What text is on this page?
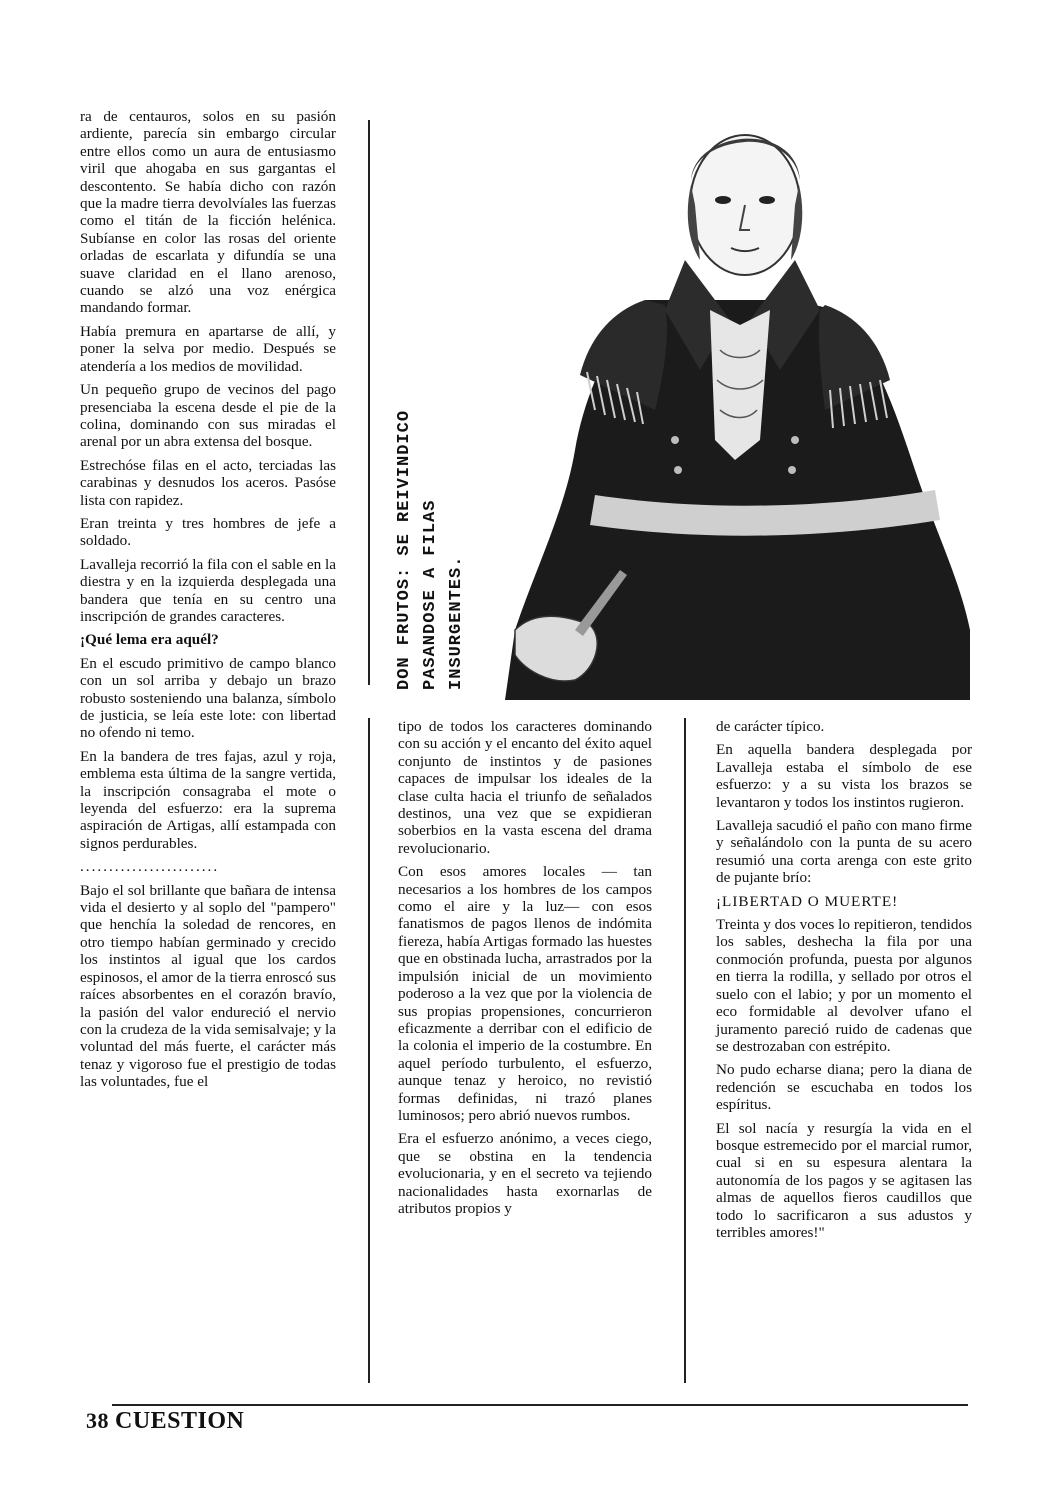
ra de centauros, solos en su pasión ardiente, parecía sin embargo circular entre ellos como un aura de entusiasmo viril que ahogaba en sus gargantas el descontento. Se había dicho con razón que la madre tierra devolvíales las fuerzas como el titán de la ficción helénica. Subíanse en color las rosas del oriente orladas de escarlata y difundía se una suave claridad en el llano arenoso, cuando se alzó una voz enérgica mandando formar.

Había premura en apartarse de allí, y poner la selva por medio. Después se atendería a los medios de movilidad.

Un pequeño grupo de vecinos del pago presenciaba la escena desde el pie de la colina, dominando con sus miradas el arenal por un abra extensa del bosque.

Estrechóse filas en el acto, terciadas las carabinas y desnudos los aceros. Pasóse lista con rapidez.

Eran treinta y tres hombres de jefe a soldado.

Lavalleja recorrió la fila con el sable en la diestra y en la izquierda desplegada una bandera que tenía en su centro una inscripción de grandes caracteres.

¡Qué lema era aquél?

En el escudo primitivo de campo blanco con un sol arriba y debajo un brazo robusto sosteniendo una balanza, símbolo de justicia, se leía este lote: con libertad no ofendo ni temo.

En la bandera de tres fajas, azul y roja, emblema esta última de la sangre vertida, la inscripción consagraba el mote o leyenda del esfuerzo: era la suprema aspiración de Artigas, allí estampada con signos perdurables.

........................

Bajo el sol brillante que bañara de intensa vida el desierto y al soplo del "pampero" que henchía la soledad de rencores, en otro tiempo habían germinado y crecido los instintos al igual que los cardos espinosos, el amor de la tierra enroscó sus raíces absorbentes en el corazón bravío, la pasión del valor endureció el nervio con la crudeza de la vida semisalvaje; y la voluntad del más fuerte, el carácter más tenaz y vigoroso fue el prestigio de todas las voluntades, fue el

DON FRUTOS: SE REIVINDICO PASANDOSE A FILAS INSURGENTES.

tipo de todos los caracteres dominando con su acción y el encanto del éxito aquel conjunto de instintos y de pasiones capaces de impulsar los ideales de la clase culta hacia el triunfo de señalados destinos, una vez que se expidieran soberbios en la vasta escena del drama revolucionario.

Con esos amores locales — tan necesarios a los hombres de los campos como el aire y la luz— con esos fanatismos de pagos llenos de indómita fiereza, había Artigas formado las huestes que en obstinada lucha, arrastrados por la impulsión inicial de un movimiento poderoso a la vez que por la violencia de sus propias propensiones, concurrieron eficazmente a derribar con el edificio de la colonia el imperio de la costumbre. En aquel período turbulento, el esfuerzo, aunque tenaz y heroico, no revistió formas definidas, ni trazó planes luminosos; pero abrió nuevos rumbos.

Era el esfuerzo anónimo, a veces ciego, que se obstina en la tendencia evolucionaria, y en el secreto va tejiendo nacionalidades hasta exornarlas de atributos propios y

de carácter típico.

En aquella bandera desplegada por Lavalleja estaba el símbolo de ese esfuerzo: y a su vista los brazos se levantaron y todos los instintos rugieron.

Lavalleja sacudió el paño con mano firme y señalándolo con la punta de su acero resumió una corta arenga con este grito de pujante brío:

¡LIBERTAD O MUERTE!

Treinta y dos voces lo repitieron, tendidos los sables, deshecha la fila por una conmoción profunda, puesta por algunos en tierra la rodilla, y sellado por otros el suelo con el labio; y por un momento el eco formidable al devolver ufano el juramento pareció ruido de cadenas que se destrozaban con estrépito.

No pudo echarse diana; pero la diana de redención se escuchaba en todos los espíritus.

El sol nacía y resurgía la vida en el bosque estremecido por el marcial rumor, cual si en su espesura alentara la autonomía de los pagos y se agitasen las almas de aquellos fieros caudillos que todo lo sacrificaron a sus adustos y terribles amores!"

38 CUESTION
